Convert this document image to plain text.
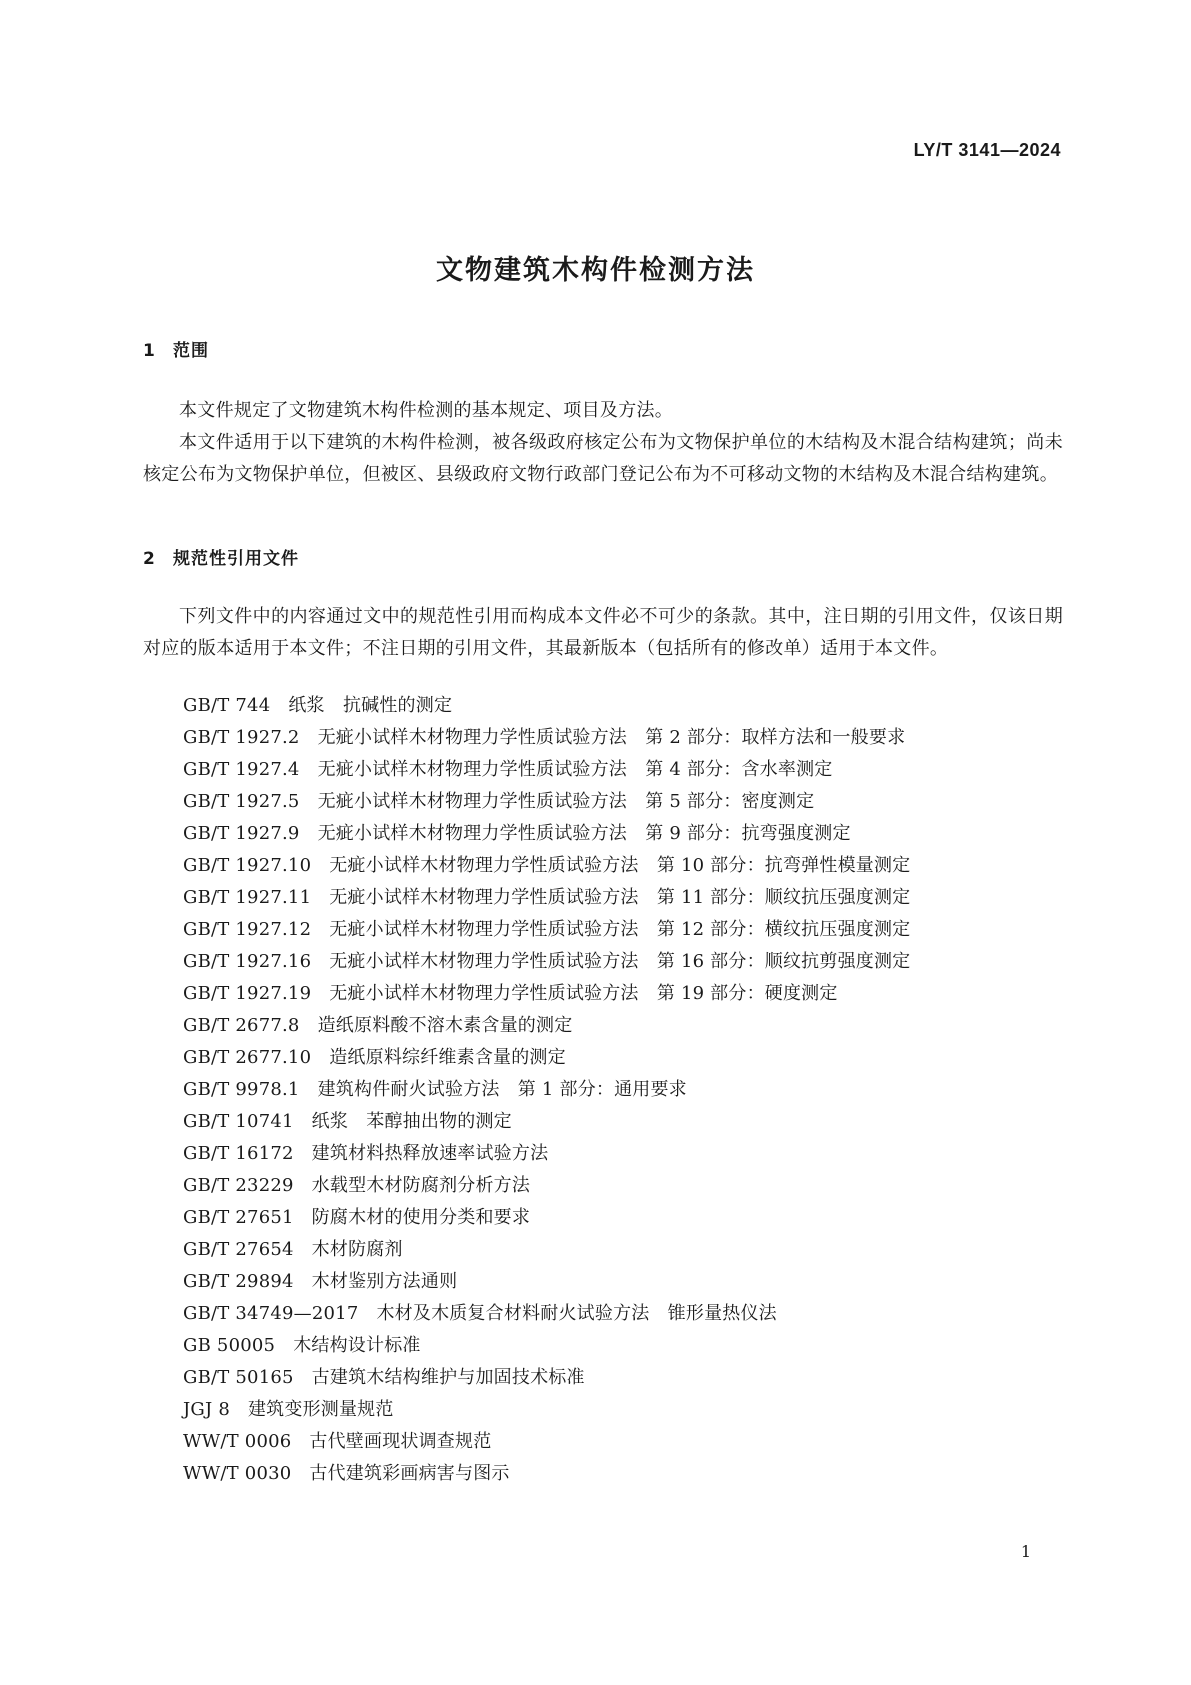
LY/T 3141—2024
文物建筑木构件检测方法
1 范围
本文件规定了文物建筑木构件检测的基本规定、项目及方法。
本文件适用于以下建筑的木构件检测，被各级政府核定公布为文物保护单位的木结构及木混合结构建筑；尚未核定公布为文物保护单位，但被区、县级政府文物行政部门登记公布为不可移动文物的木结构及木混合结构建筑。
2 规范性引用文件
下列文件中的内容通过文中的规范性引用而构成本文件必不可少的条款。其中，注日期的引用文件，仅该日期对应的版本适用于本文件；不注日期的引用文件，其最新版本（包括所有的修改单）适用于本文件。
GB/T 744 纸浆　抗碱性的测定
GB/T 1927.2 无疵小试样木材物理力学性质试验方法　第 2 部分：取样方法和一般要求
GB/T 1927.4 无疵小试样木材物理力学性质试验方法　第 4 部分：含水率测定
GB/T 1927.5 无疵小试样木材物理力学性质试验方法　第 5 部分：密度测定
GB/T 1927.9 无疵小试样木材物理力学性质试验方法　第 9 部分：抗弯强度测定
GB/T 1927.10 无疵小试样木材物理力学性质试验方法　第 10 部分：抗弯弹性模量测定
GB/T 1927.11 无疵小试样木材物理力学性质试验方法　第 11 部分：顺纹抗压强度测定
GB/T 1927.12 无疵小试样木材物理力学性质试验方法　第 12 部分：横纹抗压强度测定
GB/T 1927.16 无疵小试样木材物理力学性质试验方法　第 16 部分：顺纹抗剪强度测定
GB/T 1927.19 无疵小试样木材物理力学性质试验方法　第 19 部分：硬度测定
GB/T 2677.8 造纸原料酸不溶木素含量的测定
GB/T 2677.10 造纸原料综纤维素含量的测定
GB/T 9978.1 建筑构件耐火试验方法　第 1 部分：通用要求
GB/T 10741 纸浆　苯醇抽出物的测定
GB/T 16172 建筑材料热释放速率试验方法
GB/T 23229 水载型木材防腐剂分析方法
GB/T 27651 防腐木材的使用分类和要求
GB/T 27654 木材防腐剂
GB/T 29894 木材鉴别方法通则
GB/T 34749—2017 木材及木质复合材料耐火试验方法　锥形量热仪法
GB 50005 木结构设计标准
GB/T 50165 古建筑木结构维护与加固技术标准
JGJ 8 建筑变形测量规范
WW/T 0006 古代壁画现状调查规范
WW/T 0030 古代建筑彩画病害与图示
1
